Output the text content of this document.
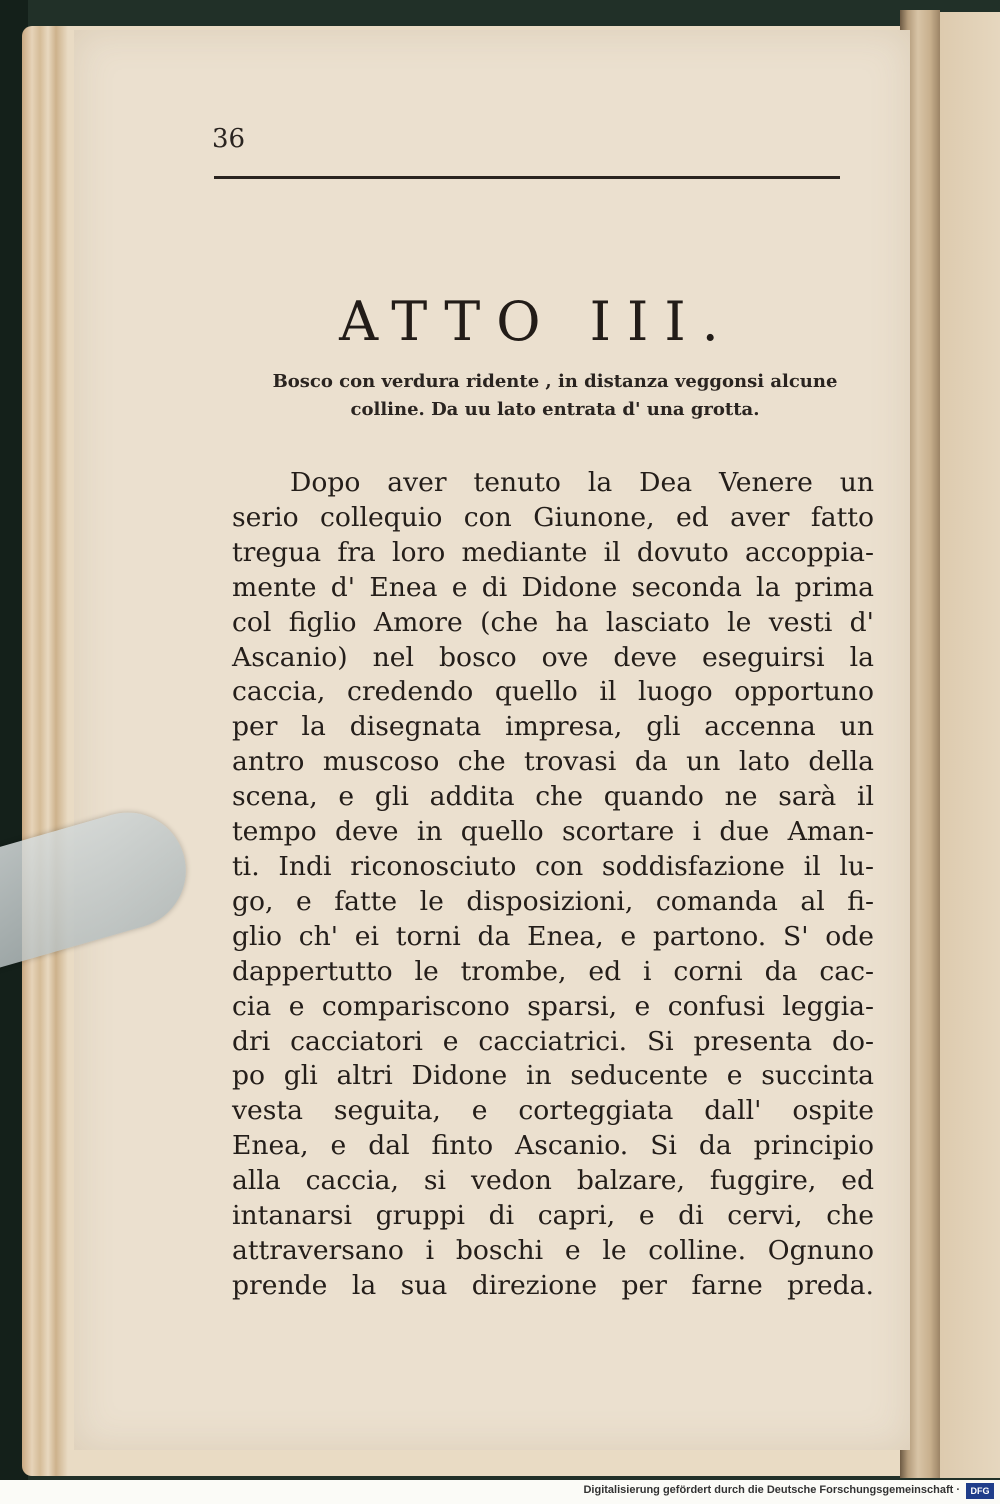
36
ATTO III.
Bosco con verdura ridente , in distanza veggonsi alcune
colline. Da uu lato entrata d' una grotta.
Dopo aver tenuto la Dea Venere un
serio collequio con Giunone, ed aver fatto
tregua fra loro mediante il dovuto accoppia-
mente d' Enea e di Didone seconda la prima
col figlio Amore (che ha lasciato le vesti d'
Ascanio) nel bosco ove deve eseguirsi la
caccia, credendo quello il luogo opportuno
per la disegnata impresa, gli accenna un
antro muscoso che trovasi da un lato della
scena, e gli addita che quando ne sarà il
tempo deve in quello scortare i due Aman-
ti. Indi riconosciuto con soddisfazione il lu-
go, e fatte le disposizioni, comanda al fi-
glio ch' ei torni da Enea, e partono. S' ode
dappertutto le trombe, ed i corni da cac-
cia e compariscono sparsi, e confusi leggia-
dri cacciatori e cacciatrici. Si presenta do-
po gli altri Didone in seducente e succinta
vesta seguita, e corteggiata dall' ospite
Enea, e dal finto Ascanio. Si da principio
alla caccia, si vedon balzare, fuggire, ed
intanarsi gruppi di capri, e di cervi, che
attraversano i boschi e le colline. Ognuno
prende la sua direzione per farne preda.
Digitalisierung gefördert durch die Deutsche Forschungsgemeinschaft ·	DFG
